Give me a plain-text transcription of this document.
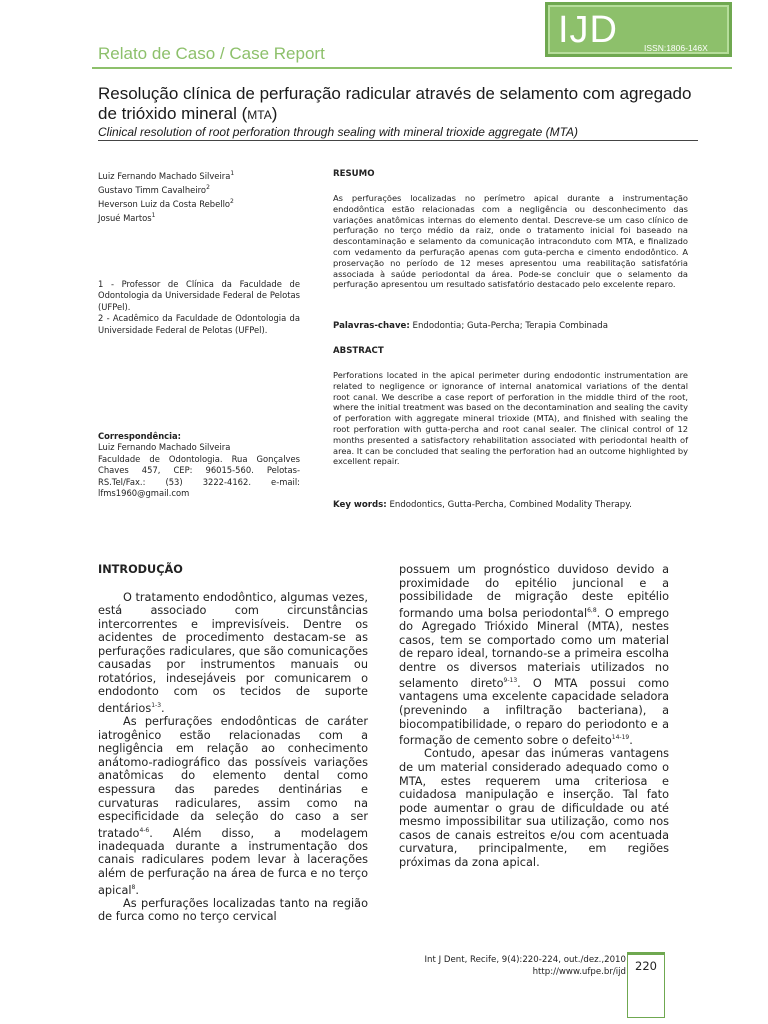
Relato de Caso / Case Report
IJD	ISSN:1806-146X
Resolução clínica de perfuração radicular através de selamento com agregado de trióxido mineral (MTA)
Clinical resolution of root perforation through sealing with mineral trioxide aggregate (MTA)
Luiz Fernando Machado Silveira$^1$
Gustavo Timm Cavalheiro$^2$
Heverson Luiz da Costa Rebello$^2$
Josué Martos$^1$
1 - Professor de Clínica da Faculdade de Odontologia da Universidade Federal de Pelotas (UFPel).
2 - Acadêmico da Faculdade de Odontologia da Universidade Federal de Pelotas (UFPel).
Correspondência:
Luiz Fernando Machado Silveira
Faculdade de Odontologia. Rua Gonçalves Chaves 457, CEP: 96015-560. Pelotas-RS.Tel/Fax.: (53) 3222-4162. e-mail: lfms1960@gmail.com
RESUMO
As perfurações localizadas no perímetro apical durante a instrumentação endodôntica estão relacionadas com a negligência ou desconhecimento das variações anatômicas internas do elemento dental. Descreve-se um caso clínico de perfuração no terço médio da raiz, onde o tratamento inicial foi baseado na descontaminação e selamento da comunicação intraconduto com MTA, e finalizado com vedamento da perfuração apenas com guta-percha e cimento endodôntico. A proservação no período de 12 meses apresentou uma reabilitação satisfatória associada à saúde periodontal da área. Pode-se concluir que o selamento da perfuração apresentou um resultado satisfatório destacado pelo excelente reparo.
Palavras-chave: Endodontia; Guta-Percha; Terapia Combinada
ABSTRACT
Perforations located in the apical perimeter during endodontic instrumentation are related to negligence or ignorance of internal anatomical variations of the dental root canal. We describe a case report of perforation in the middle third of the root, where the initial treatment was based on the decontamination and sealing the cavity of perforation with aggregate mineral trioxide (MTA), and finished with sealing the root perforation with gutta-percha and root canal sealer. The clinical control of 12 months presented a satisfactory rehabilitation associated with periodontal health of area. It can be concluded that sealing the perforation had an outcome highlighted by excellent repair.
Key words: Endodontics, Gutta-Percha, Combined Modality Therapy.
INTRODUÇÃO

O tratamento endodôntico, algumas vezes, está associado com circunstâncias intercorrentes e imprevisíveis. Dentre os acidentes de procedimento destacam-se as perfurações radiculares, que são comunicações causadas por instrumentos manuais ou rotatórios, indesejáveis por comunicarem o endodonto com os tecidos de suporte dentários$^{1-3}$.

As perfurações endodônticas de caráter iatrogênico estão relacionadas com a negligência em relação ao conhecimento anátomo-radiográfico das possíveis variações anatômicas do elemento dental como espessura das paredes dentinárias e curvaturas radiculares, assim como na especificidade da seleção do caso a ser tratado$^{4-6}$. Além disso, a modelagem inadequada durante a instrumentação dos canais radiculares podem levar à lacerações além de perfuração na área de furca e no terço apical$^8$.

As perfurações localizadas tanto na região de furca como no terço cervical

possuem um prognóstico duvidoso devido a proximidade do epitélio juncional e a possibilidade de migração deste epitélio formando uma bolsa periodontal$^{6,8}$. O emprego do Agregado Trióxido Mineral (MTA), nestes casos, tem se comportado como um material de reparo ideal, tornando-se a primeira escolha dentre os diversos materiais utilizados no selamento direto$^{9-13}$. O MTA possui como vantagens uma excelente capacidade seladora (prevenindo a infiltração bacteriana), a biocompatibilidade, o reparo do periodonto e a formação de cemento sobre o defeito$^{14-19}$.

Contudo, apesar das inúmeras vantagens de um material considerado adequado como o MTA, estes requerem uma criteriosa e cuidadosa manipulação e inserção. Tal fato pode aumentar o grau de dificuldade ou até mesmo impossibilitar sua utilização, como nos casos de canais estreitos e/ou com acentuada curvatura, principalmente, em regiões próximas da zona apical.

Int J Dent, Recife, 9(4):220-224, out./dez.,2010
http://www.ufpe.br/ijd 220
